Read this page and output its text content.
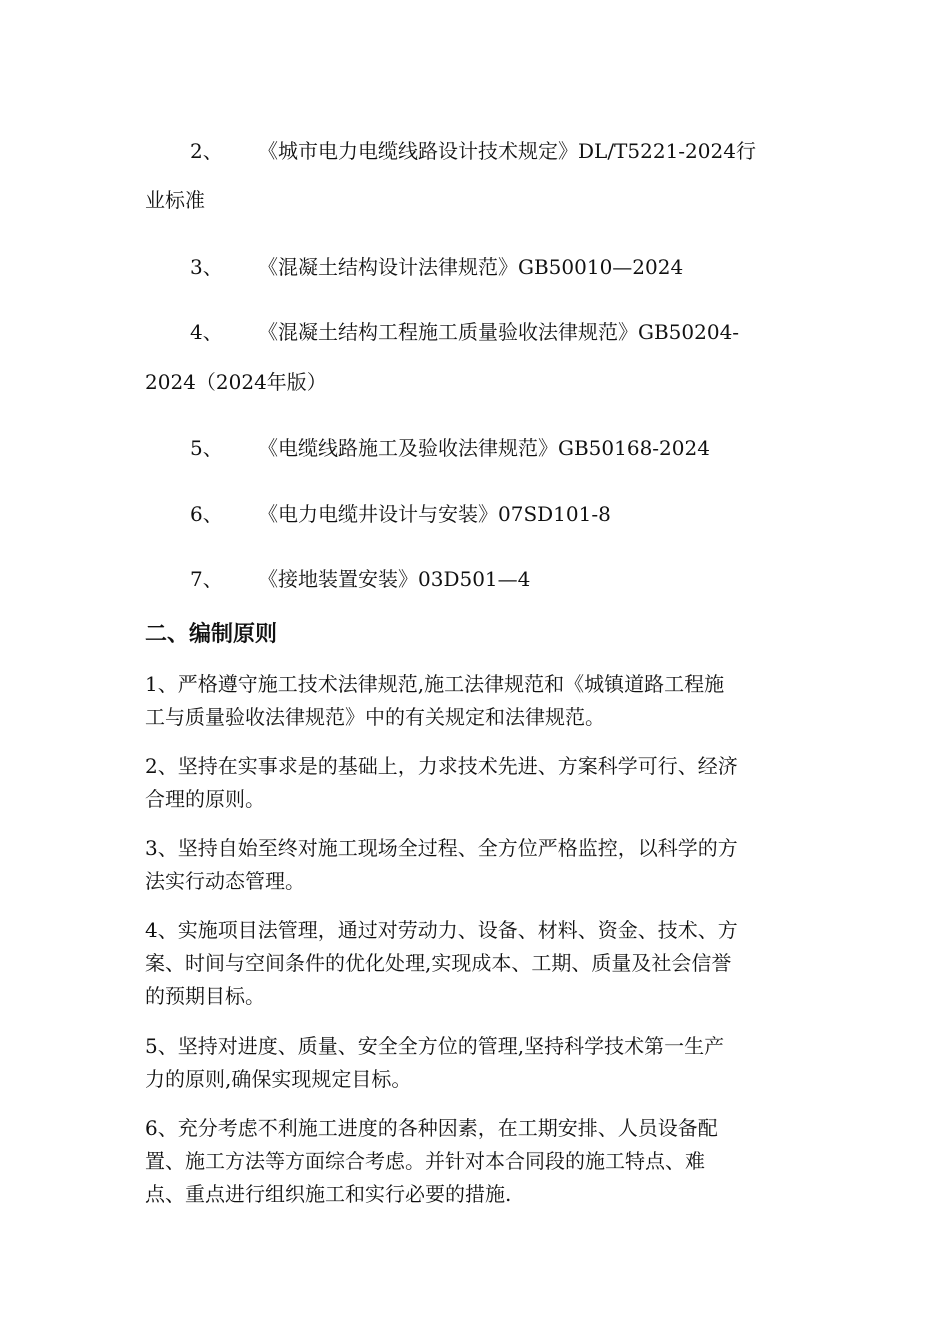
2、 《城市电力电缆线路设计技术规定》DL/T5221-2024行
业标准
3、 《混凝土结构设计法律规范》GB50010—2024
4、 《混凝土结构工程施工质量验收法律规范》GB50204-
2024（2024年版）
5、 《电缆线路施工及验收法律规范》GB50168-2024
6、 《电力电缆井设计与安装》07SD101-8
7、 《接地装置安装》03D501—4
二、编制原则
1、严格遵守施工技术法律规范,施工法律规范和《城镇道路工程施
工与质量验收法律规范》中的有关规定和法律规范。
2、坚持在实事求是的基础上，力求技术先进、方案科学可行、经济
合理的原则。
3、坚持自始至终对施工现场全过程、全方位严格监控，以科学的方
法实行动态管理。
4、实施项目法管理，通过对劳动力、设备、材料、资金、技术、方
案、时间与空间条件的优化处理,实现成本、工期、质量及社会信誉
的预期目标。
5、坚持对进度、质量、安全全方位的管理,坚持科学技术第一生产
力的原则,确保实现规定目标。
6、充分考虑不利施工进度的各种因素，在工期安排、人员设备配
置、施工方法等方面综合考虑。并针对本合同段的施工特点、难
点、重点进行组织施工和实行必要的措施.
